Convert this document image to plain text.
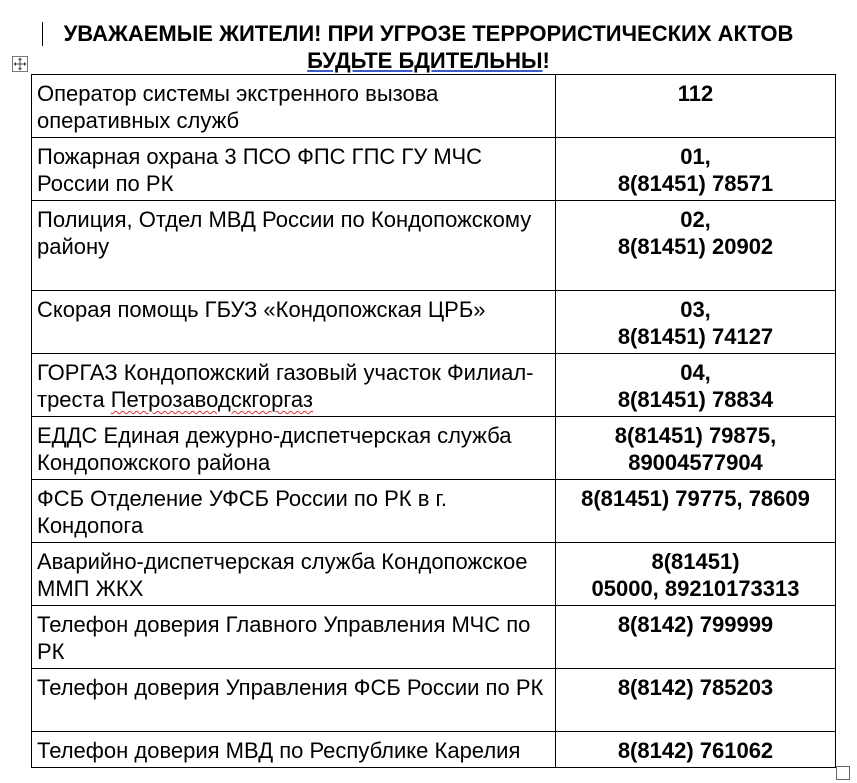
УВАЖАЕМЫЕ ЖИТЕЛИ! ПРИ УГРОЗЕ ТЕРРОРИСТИЧЕСКИХ АКТОВ
БУДЬТЕ БДИТЕЛЬНЫ!
Оператор системы экстренного вызова оперативных служб	112

Пожарная охрана 3 ПСО ФПС ГПС ГУ МЧС России по РК	01,
8(81451) 78571

Полиция, Отдел МВД России по Кондопожскому району	02,
8(81451) 20902

Скорая помощь ГБУЗ «Кондопожская ЦРБ»	03,
8(81451) 74127

ГОРГАЗ Кондопожский газовый участок Филиал-треста Петрозаводскгоргаз	04,
8(81451) 78834

ЕДДС Единая дежурно-диспетчерская служба Кондопожского района	8(81451) 79875,
89004577904

ФСБ Отделение УФСБ России по РК в г. Кондопога	8(81451) 79775, 78609

Аварийно-диспетчерская служба Кондопожское ММП ЖКХ	8(81451)
05000, 89210173313

Телефон доверия Главного Управления МЧС по РК	8(8142) 799999

Телефон доверия Управления ФСБ России по РК	8(8142) 785203

Телефон доверия МВД по Республике Карелия	8(8142) 761062
